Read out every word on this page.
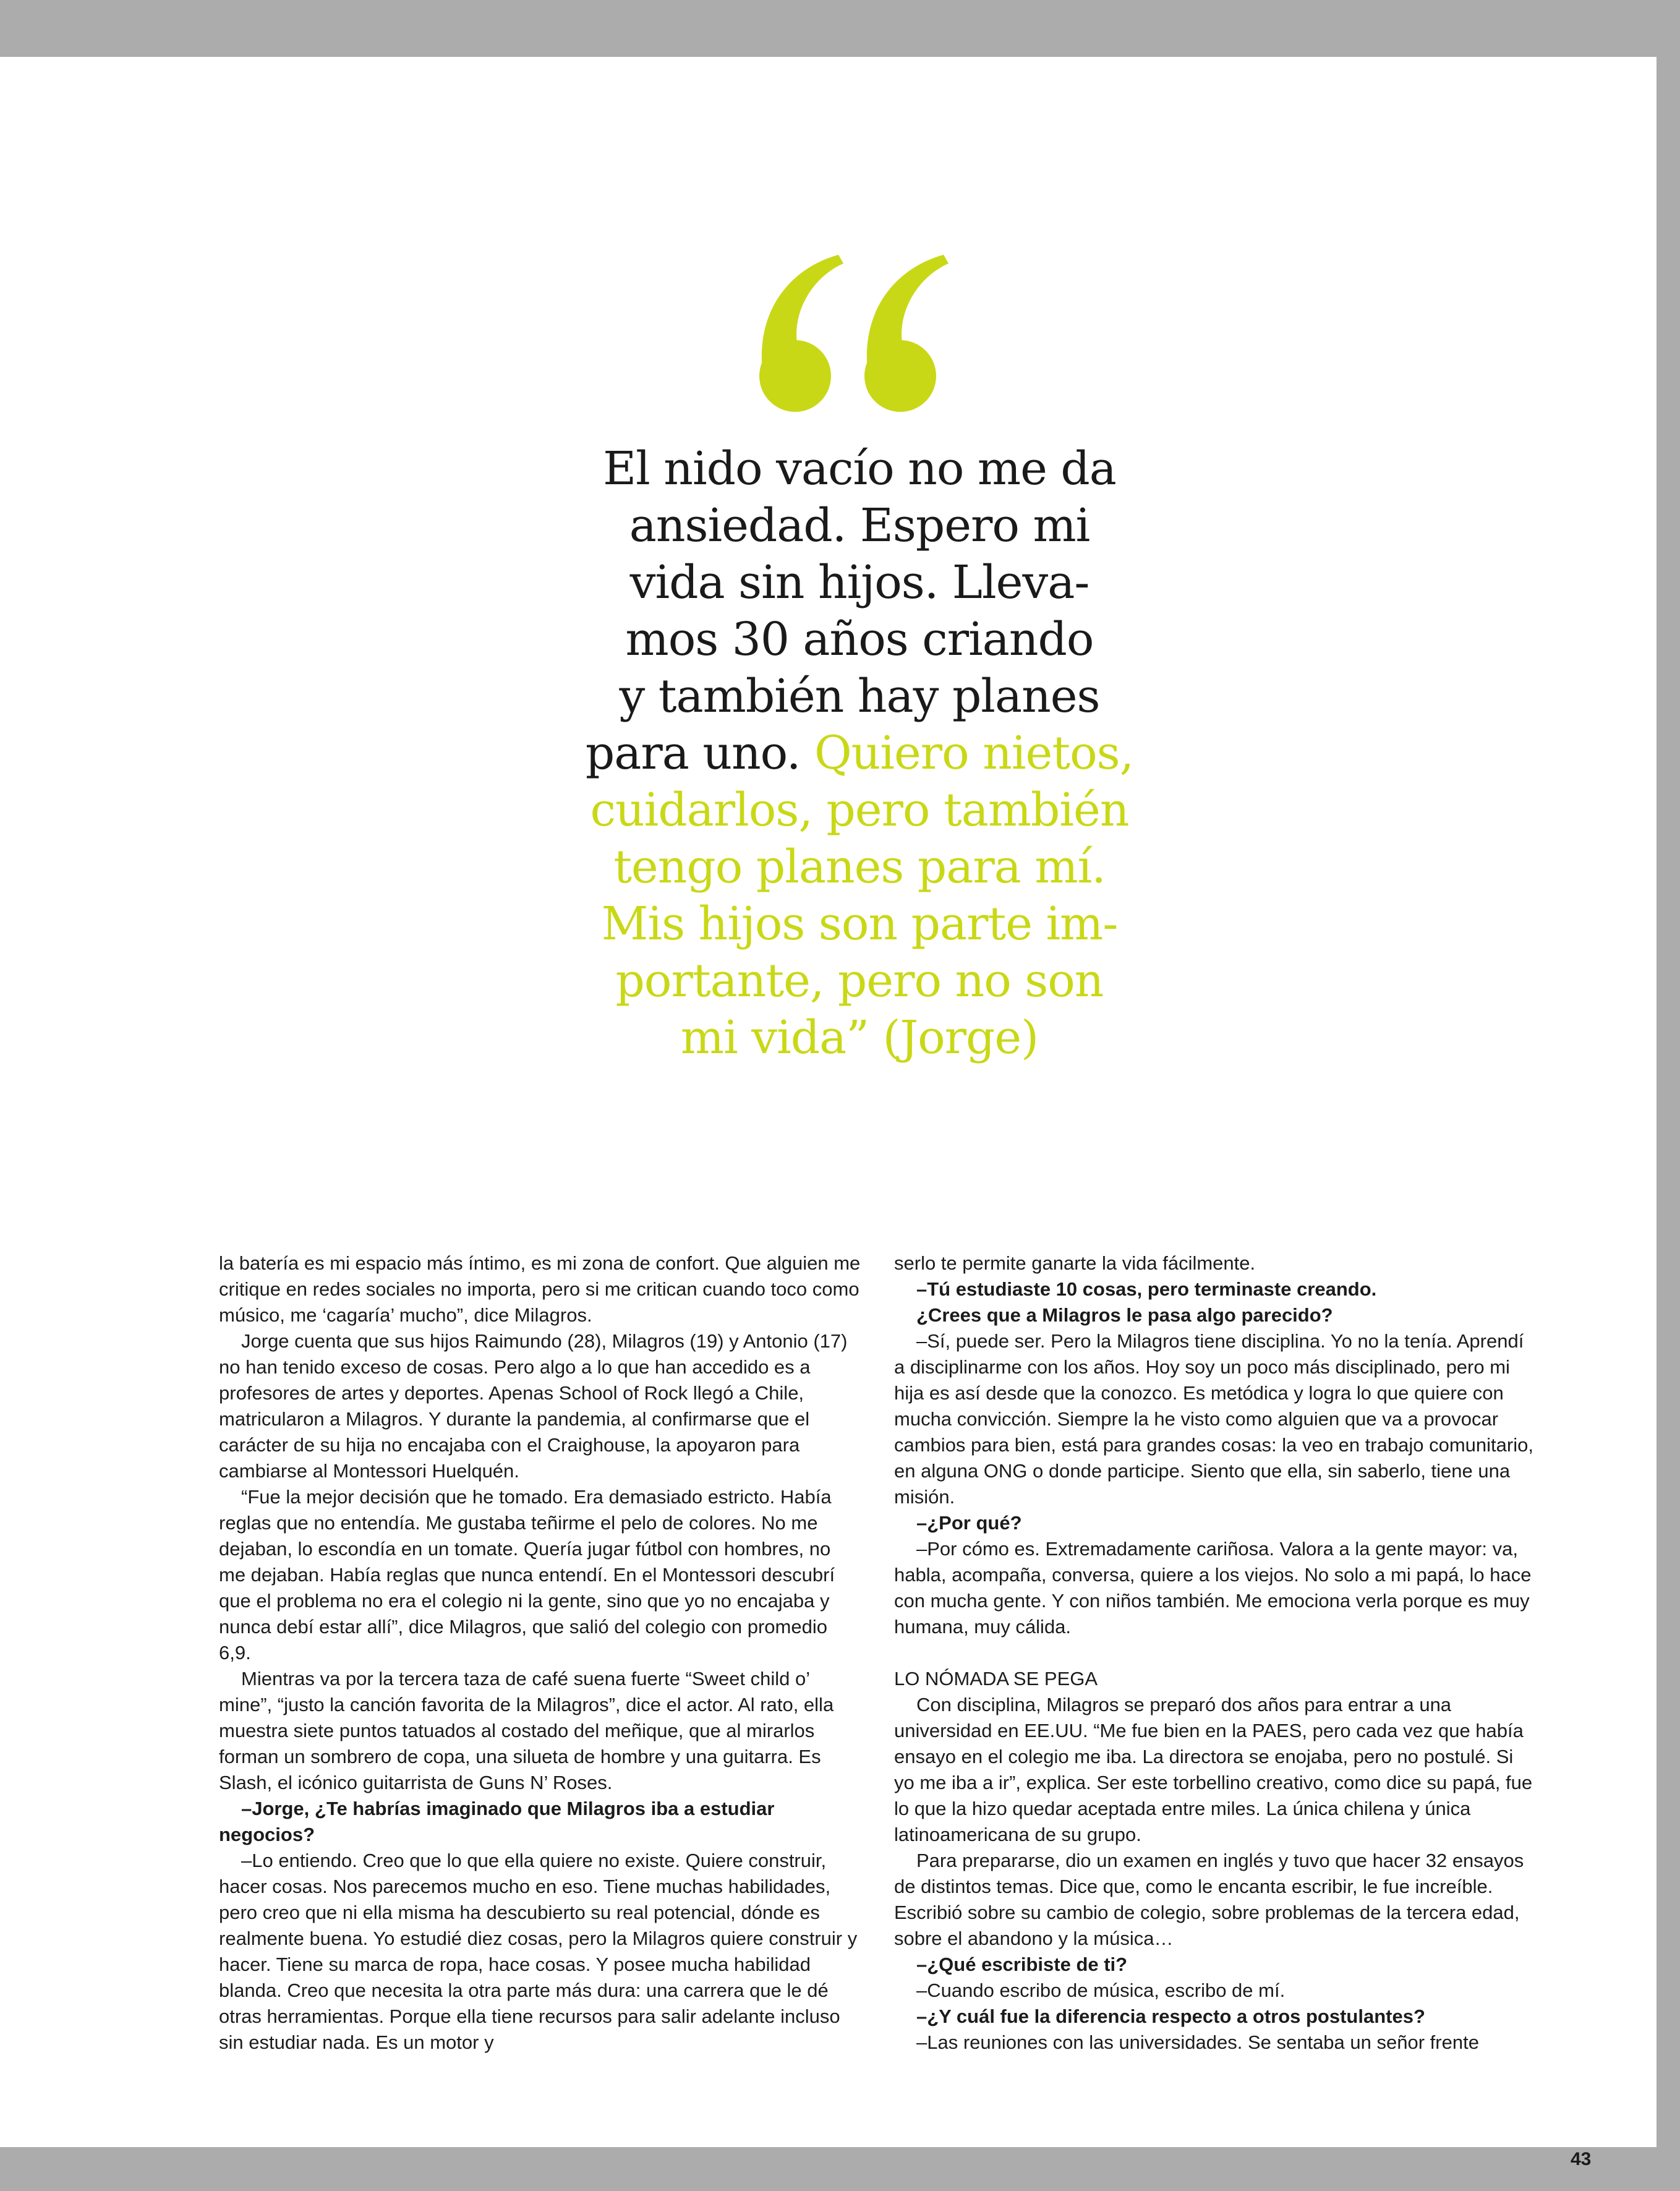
El nido vacío no me da

ansiedad. Espero mi

vida sin hijos. Lleva-

mos 30 años criando

y también hay planes

para uno. Quiero nietos,

cuidarlos, pero también

tengo planes para mí.

Mis hijos son parte im-

portante, pero no son

mi vida” (Jorge)

la batería es mi espacio más íntimo, es mi zona de confort. Que alguien me critique en redes sociales no importa, pero si me critican cuando toco como músico, me ‘cagaría’ mucho”, dice Milagros.

Jorge cuenta que sus hijos Raimundo (28), Milagros (19) y Antonio (17) no han tenido exceso de cosas. Pero algo a lo que han accedido es a profesores de artes y deportes. Apenas School of Rock llegó a Chile, matricularon a Milagros. Y durante la pandemia, al confirmarse que el carácter de su hija no encajaba con el Craighouse, la apoyaron para cambiarse al Montessori Huelquén.

“Fue la mejor decisión que he tomado. Era demasiado estricto. Había reglas que no entendía. Me gustaba teñirme el pelo de colores. No me dejaban, lo escondía en un tomate. Quería jugar fútbol con hombres, no me dejaban. Había reglas que nunca entendí. En el Montessori descubrí que el problema no era el colegio ni la gente, sino que yo no encajaba y nunca debí estar allí”, dice Milagros, que salió del colegio con promedio 6,9.

Mientras va por la tercera taza de café suena fuerte “Sweet child o’ mine”, “justo la canción favorita de la Milagros”, dice el actor. Al rato, ella muestra siete puntos tatuados al costado del meñique, que al mirarlos forman un sombrero de copa, una silueta de hombre y una guitarra. Es Slash, el icónico guitarrista de Guns N’ Roses.

–Jorge, ¿Te habrías imaginado que Milagros iba a estudiar negocios?

–Lo entiendo. Creo que lo que ella quiere no existe. Quiere construir, hacer cosas. Nos parecemos mucho en eso. Tiene muchas habilidades, pero creo que ni ella misma ha descubierto su real potencial, dónde es realmente buena. Yo estudié diez cosas, pero la Milagros quiere construir y hacer. Tiene su marca de ropa, hace cosas. Y posee mucha habilidad blanda. Creo que necesita la otra parte más dura: una carrera que le dé otras herramientas. Porque ella tiene recursos para salir adelante incluso sin estudiar nada. Es un motor y

serlo te permite ganarte la vida fácilmente.

–Tú estudiaste 10 cosas, pero terminaste creando.

¿Crees que a Milagros le pasa algo parecido?

–Sí, puede ser. Pero la Milagros tiene disciplina. Yo no la tenía. Aprendí a disciplinarme con los años. Hoy soy un poco más disciplinado, pero mi hija es así desde que la conozco. Es metódica y logra lo que quiere con mucha convicción. Siempre la he visto como alguien que va a provocar cambios para bien, está para grandes cosas: la veo en trabajo comunitario, en alguna ONG o donde participe. Siento que ella, sin saberlo, tiene una misión.

–¿Por qué?

–Por cómo es. Extremadamente cariñosa. Valora a la gente mayor: va, habla, acompaña, conversa, quiere a los viejos. No solo a mi papá, lo hace con mucha gente. Y con niños también. Me emociona verla porque es muy humana, muy cálida.

LO NÓMADA SE PEGA

Con disciplina, Milagros se preparó dos años para entrar a una universidad en EE.UU. “Me fue bien en la PAES, pero cada vez que había ensayo en el colegio me iba. La directora se enojaba, pero no postulé. Si yo me iba a ir”, explica. Ser este torbellino creativo, como dice su papá, fue lo que la hizo quedar aceptada entre miles. La única chilena y única latinoamericana de su grupo.

Para prepararse, dio un examen en inglés y tuvo que hacer 32 ensayos de distintos temas. Dice que, como le encanta escribir, le fue increíble. Escribió sobre su cambio de colegio, sobre problemas de la tercera edad, sobre el abandono y la música…

–¿Qué escribiste de ti?

–Cuando escribo de música, escribo de mí.

–¿Y cuál fue la diferencia respecto a otros postulantes?

–Las reuniones con las universidades. Se sentaba un señor frente

43
